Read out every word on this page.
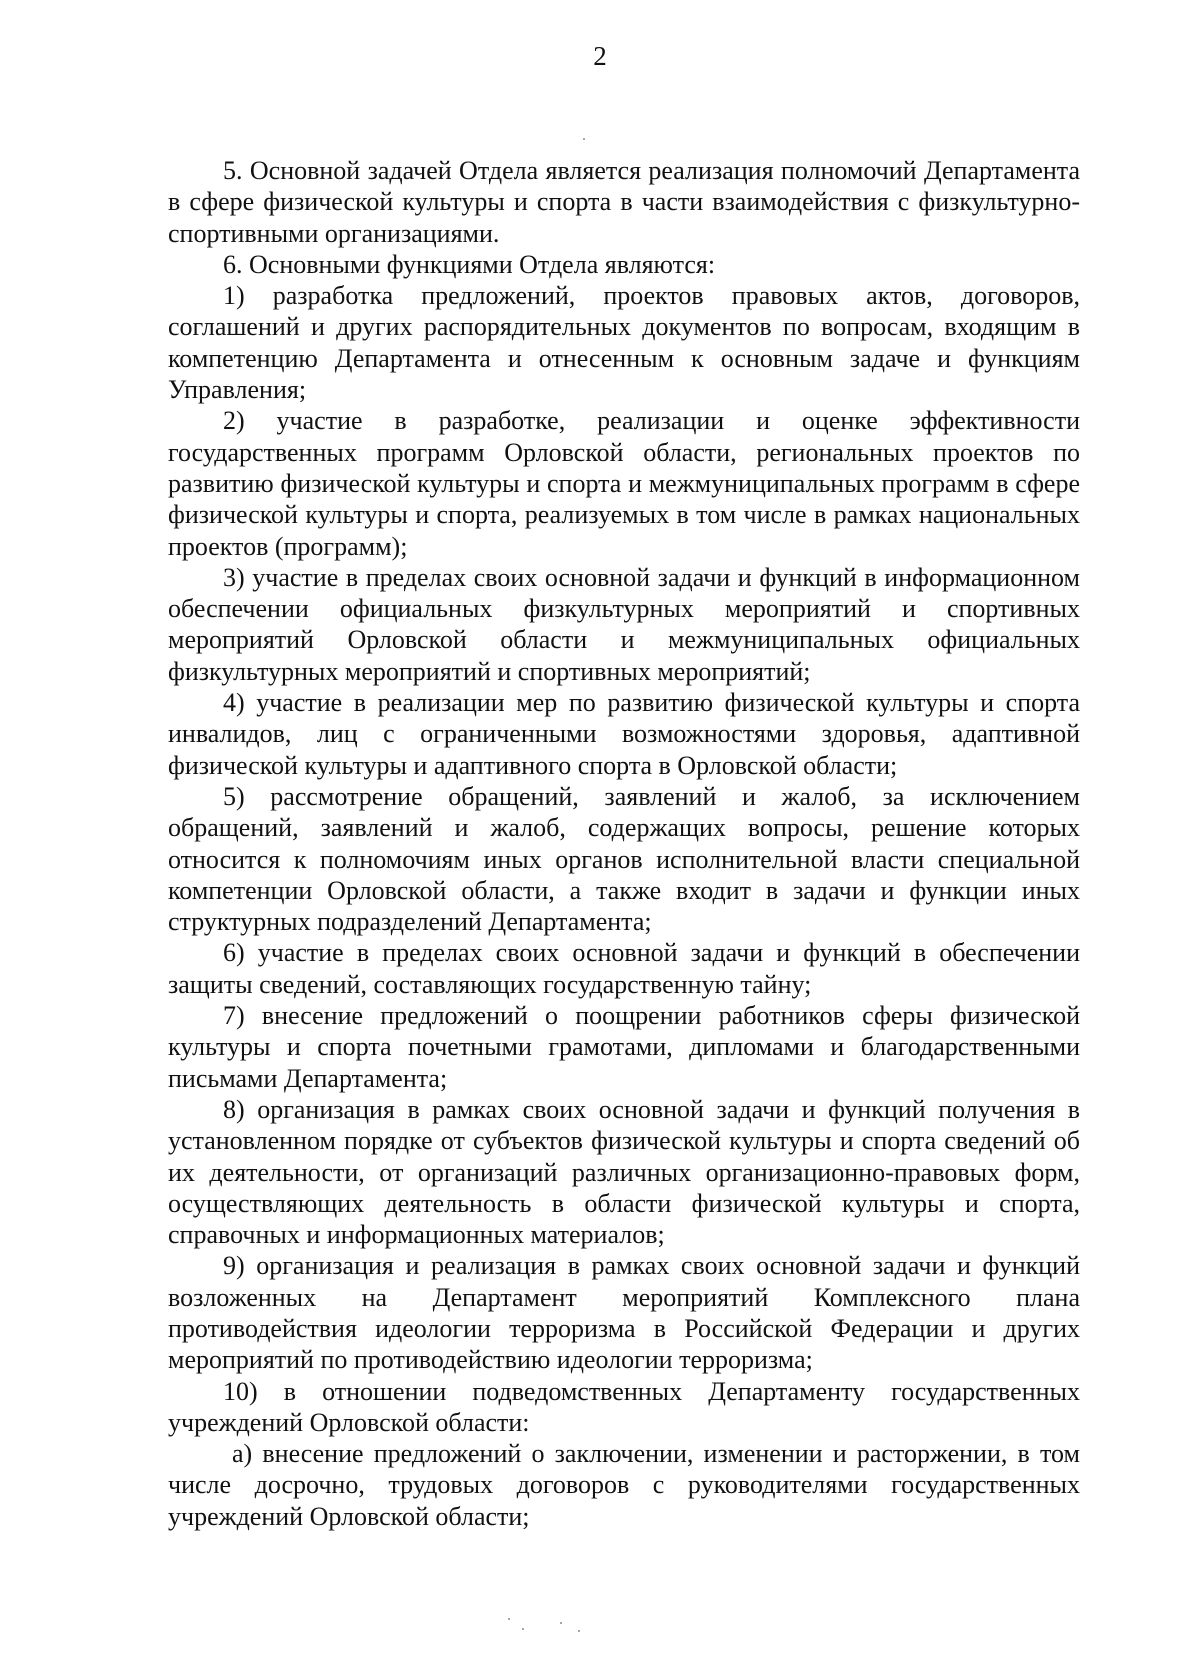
2

5. Основной задачей Отдела является реализация полномочий Департамента в сфере физической культуры и спорта в части взаимодействия с физкультурно-спортивными организациями.

6. Основными функциями Отдела являются:

1) разработка предложений, проектов правовых актов, договоров, соглашений и других распорядительных документов по вопросам, входящим в компетенцию Департамента и отнесенным к основным задаче и функциям Управления;

2) участие в разработке, реализации и оценке эффективности государственных программ Орловской области, региональных проектов по развитию физической культуры и спорта и межмуниципальных программ в сфере физической культуры и спорта, реализуемых в том числе в рамках национальных проектов (программ);

3) участие в пределах своих основной задачи и функций в информационном обеспечении официальных физкультурных мероприятий и спортивных мероприятий Орловской области и межмуниципальных официальных физкультурных мероприятий и спортивных мероприятий;

4) участие в реализации мер по развитию физической культуры и спорта инвалидов, лиц с ограниченными возможностями здоровья, адаптивной физической культуры и адаптивного спорта в Орловской области;

5) рассмотрение обращений, заявлений и жалоб, за исключением обращений, заявлений и жалоб, содержащих вопросы, решение которых относится к полномочиям иных органов исполнительной власти специальной компетенции Орловской области, а также входит в задачи и функции иных структурных подразделений Департамента;

6) участие в пределах своих основной задачи и функций в обеспечении защиты сведений, составляющих государственную тайну;

7) внесение предложений о поощрении работников сферы физической культуры и спорта почетными грамотами, дипломами и благодарственными письмами Департамента;

8) организация в рамках своих основной задачи и функций получения в установленном порядке от субъектов физической культуры и спорта сведений об их деятельности, от организаций различных организационно-правовых форм, осуществляющих деятельность в области физической культуры и спорта, справочных и информационных материалов;

9) организация и реализация в рамках своих основной задачи и функций возложенных на Департамент мероприятий Комплексного плана противодействия идеологии терроризма в Российской Федерации и других мероприятий по противодействию идеологии терроризма;

10) в отношении подведомственных Департаменту государственных учреждений Орловской области:

а) внесение предложений о заключении, изменении и расторжении, в том числе досрочно, трудовых договоров с руководителями государственных учреждений Орловской области;
